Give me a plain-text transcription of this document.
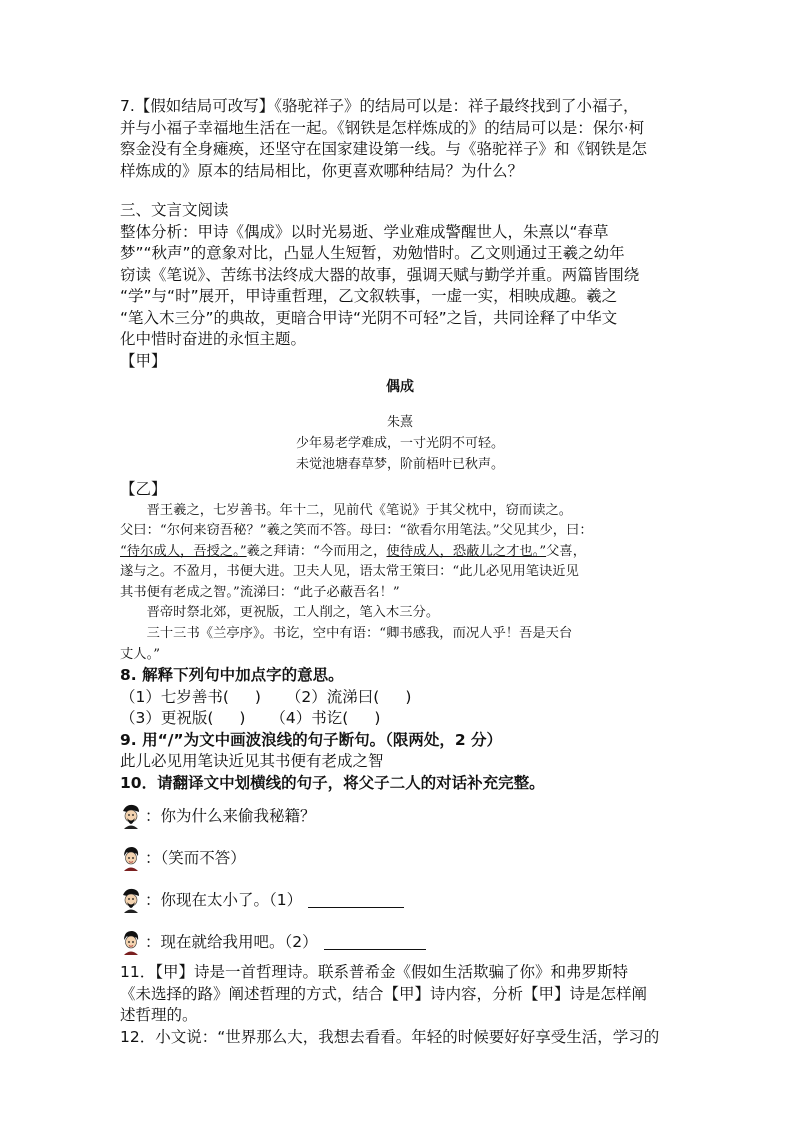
7.【假如结局可改写】《骆驼祥子》的结局可以是：祥子最终找到了小福子，

并与小福子幸福地生活在一起。《钢铁是怎样炼成的》的结局可以是：保尔·柯

察金没有全身瘫痪，还坚守在国家建设第一线。与《骆驼祥子》和《钢铁是怎

样炼成的》原本的结局相比，你更喜欢哪种结局？为什么？

三、文言文阅读

整体分析：甲诗《偶成》以时光易逝、学业难成警醒世人，朱熹以“春草

梦”“秋声”的意象对比，凸显人生短暂，劝勉惜时。乙文则通过王羲之幼年

窃读《笔说》、苦练书法终成大器的故事，强调天赋与勤学并重。两篇皆围绕

“学”与“时”展开，甲诗重哲理，乙文叙轶事，一虚一实，相映成趣。羲之

“笔入木三分”的典故，更暗合甲诗“光阴不可轻”之旨，共同诠释了中华文

化中惜时奋进的永恒主题。

【甲】

偶成

朱熹

少年易老学难成，一寸光阴不可轻。

未觉池塘春草梦，阶前梧叶已秋声。

【乙】

晋王羲之，七岁善书。年十二，见前代《笔说》于其父枕中，窃而读之。

父曰：“尔何来窃吾秘？”羲之笑而不答。母曰：“欲看尔用笔法。”父见其少，曰：

“待尔成人，吾授之。”羲之拜请：“今而用之，使待成人，恐蔽儿之才也。”父喜，

遂与之。不盈月，书便大进。卫夫人见，语太常王策曰：“此儿必见用笔诀近见

其书便有老成之智。”流涕曰：“此子必蔽吾名！”

晋帝时祭北郊，更祝版，工人削之，笔入木三分。

三十三书《兰亭序》。书讫，空中有语：“卿书感我，而况人乎！吾是天台

丈人。”

8. 解释下列句中加点字的意思。

（1）七岁善书( ) （2）流涕曰( )

（3）更祝版( ) （4）书讫( )

9. 用“/”为文中画波浪线的句子断句。（限两处，2 分）

此儿必见用笔诀近见其书便有老成之智

10．请翻译文中划横线的句子，将父子二人的对话补充完整。

：你为什么来偷我秘籍？
：（笑而不答）
：你现在太小了。（1）
：现在就给我用吧。（2）

11．【甲】诗是一首哲理诗。联系普希金《假如生活欺骗了你》和弗罗斯特

《未选择的路》阐述哲理的方式，结合【甲】诗内容，分析【甲】诗是怎样阐

述哲理的。

12．小文说：“世界那么大，我想去看看。年轻的时候要好好享受生活，学习的
